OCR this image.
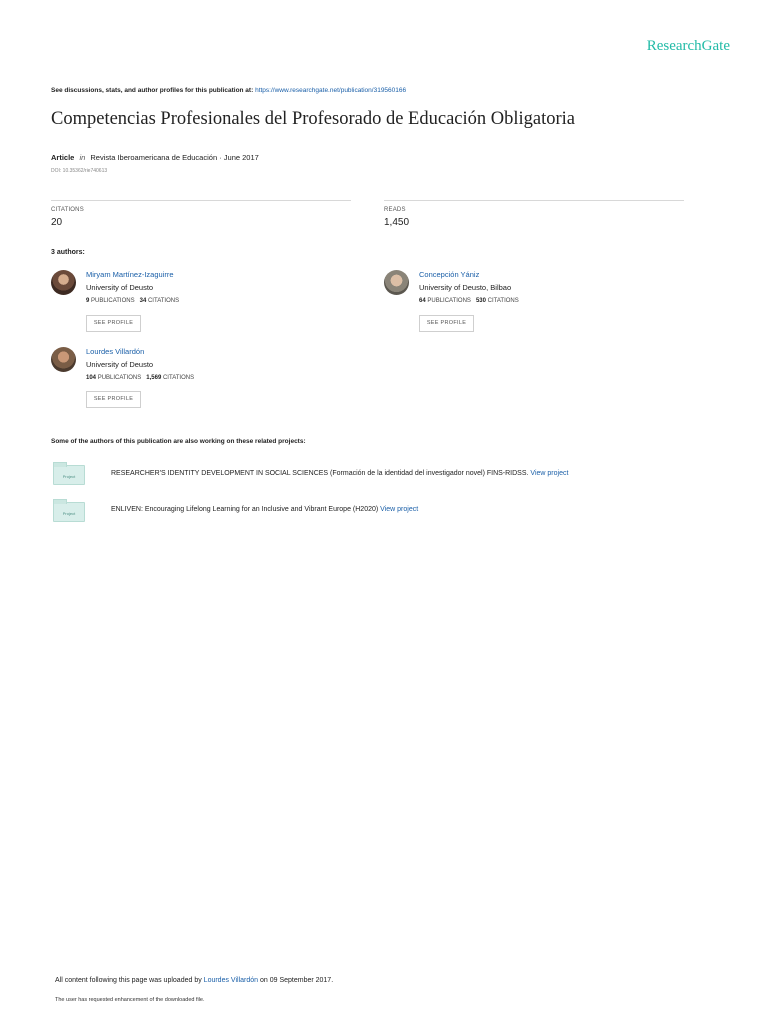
ResearchGate
See discussions, stats, and author profiles for this publication at: https://www.researchgate.net/publication/319560166
Competencias Profesionales del Profesorado de Educación Obligatoria
Article in Revista Iberoamericana de Educación · June 2017
DOI: 10.35362/rie740613
CITATIONS
20
READS
1,450
3 authors:
Miryam Martínez-Izaguirre
University of Deusto
9 PUBLICATIONS 34 CITATIONS
SEE PROFILE
Concepción Yániz
University of Deusto, Bilbao
64 PUBLICATIONS 530 CITATIONS
SEE PROFILE
Lourdes Villardón
University of Deusto
104 PUBLICATIONS 1,569 CITATIONS
SEE PROFILE
Some of the authors of this publication are also working on these related projects:
Project	RESEARCHER'S IDENTITY DEVELOPMENT IN SOCIAL SCIENCES (Formación de la identidad del investigador novel) FINS-RIDSS. View project
Project
ENLIVEN: Encouraging Lifelong Learning for an Inclusive and Vibrant Europe (H2020) View project
All content following this page was uploaded by Lourdes Villardón on 09 September 2017.
The user has requested enhancement of the downloaded file.
